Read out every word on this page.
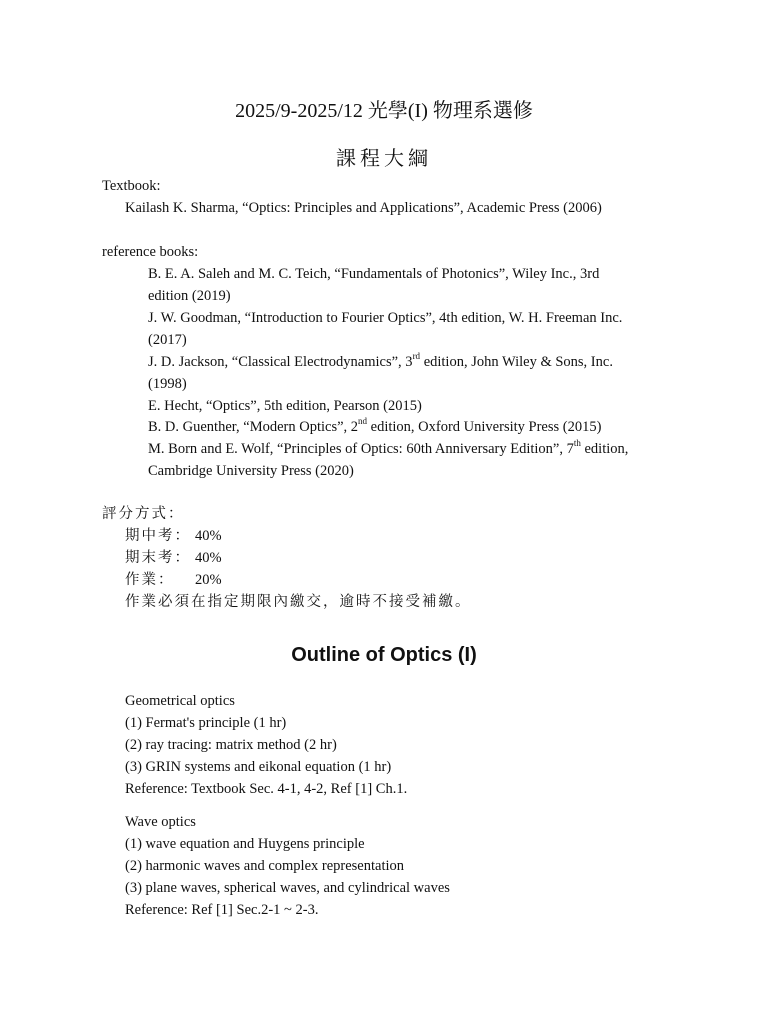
2025/9-2025/12 光學(I) 物理系選修
課程大綱
Textbook:
Kailash K. Sharma, “Optics: Principles and Applications”, Academic Press (2006)
reference books:
B. E. A. Saleh and M. C. Teich, “Fundamentals of Photonics”, Wiley Inc., 3rd
edition (2019)
J. W. Goodman, “Introduction to Fourier Optics”, 4th edition, W. H. Freeman Inc.
(2017)
J. D. Jackson, “Classical Electrodynamics”, 3rd edition, John Wiley & Sons, Inc.
(1998)
E. Hecht, “Optics”, 5th edition, Pearson (2015)
B. D. Guenther, “Modern Optics”, 2nd edition, Oxford University Press (2015)
M. Born and E. Wolf, “Principles of Optics: 60th Anniversary Edition”, 7th edition,
Cambridge University Press (2020)
評分方式：
期中考： 40%
期末考： 40%
作業： 20%
作業必須在指定期限內繳交，逾時不接受補繳。
Outline of Optics (I)
Geometrical optics
(1) Fermat's principle (1 hr)
(2) ray tracing: matrix method (2 hr)
(3) GRIN systems and eikonal equation (1 hr)
Reference: Textbook Sec. 4-1, 4-2, Ref [1] Ch.1.
Wave optics
(1) wave equation and Huygens principle
(2) harmonic waves and complex representation
(3) plane waves, spherical waves, and cylindrical waves
Reference: Ref [1] Sec.2-1 ~ 2-3.
